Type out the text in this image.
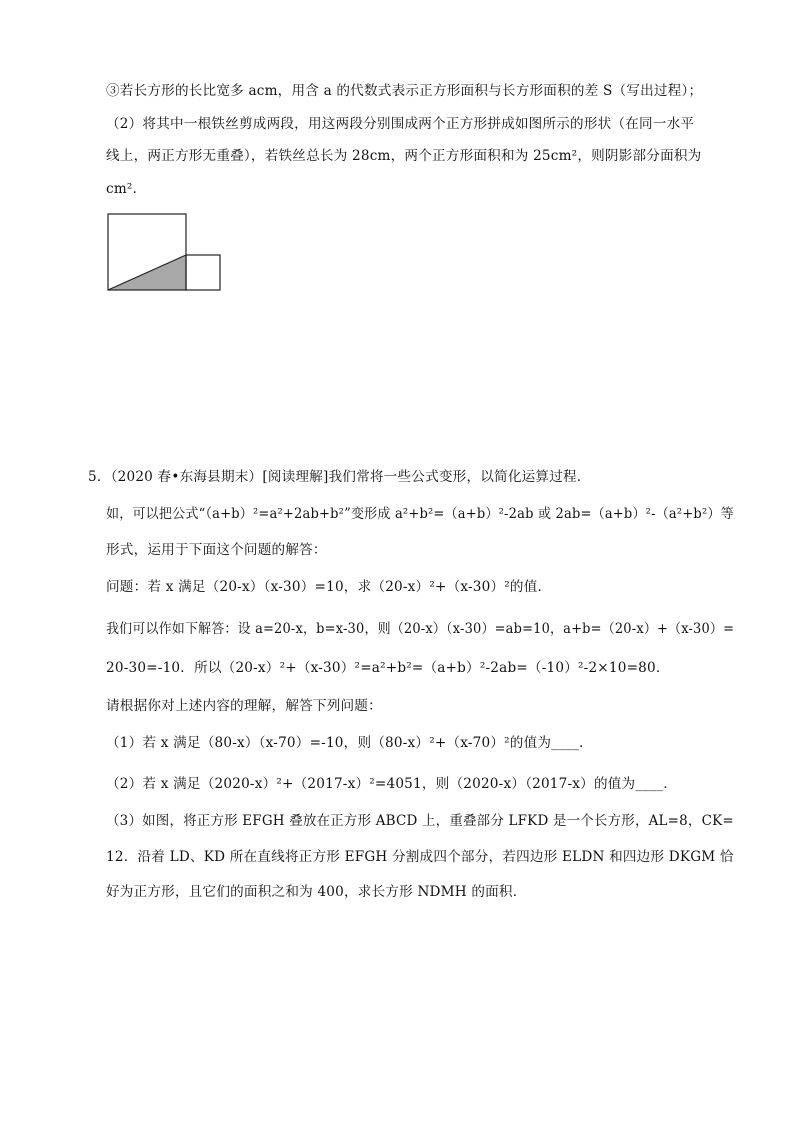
③若长方形的长比宽多 acm，用含 a 的代数式表示正方形面积与长方形面积的差 S（写出过程）；
（2）将其中一根铁丝剪成两段，用这两段分别围成两个正方形拼成如图所示的形状（在同一水平
线上，两正方形无重叠），若铁丝总长为 28cm，两个正方形面积和为 25cm²，则阴影部分面积为
cm².
5．（2020 春•东海县期末）[阅读理解]我们常将一些公式变形，以简化运算过程．
如，可以把公式“（a+b）²=a²+2ab+b²”变形成 a²+b²=（a+b）²-2ab 或 2ab=（a+b）²-（a²+b²）等
形式，运用于下面这个问题的解答：
问题：若 x 满足（20-x）（x-30）=10，求（20-x）²+（x-30）²的值．
我们可以作如下解答：设 a=20-x，b=x-30，则（20-x）（x-30）=ab=10，a+b=（20-x）+（x-30）=
20-30=-10．所以（20-x）²+（x-30）²=a²+b²=（a+b）²-2ab=（-10）²-2×10=80．
请根据你对上述内容的理解，解答下列问题：
（1）若 x 满足（80-x）（x-70）=-10，则（80-x）²+（x-70）²的值为____．
（2）若 x 满足（2020-x）²+（2017-x）²=4051，则（2020-x）（2017-x）的值为____．
（3）如图，将正方形 EFGH 叠放在正方形 ABCD 上，重叠部分 LFKD 是一个长方形，AL=8，CK=
12．沿着 LD、KD 所在直线将正方形 EFGH 分割成四个部分，若四边形 ELDN 和四边形 DKGM 恰
好为正方形，且它们的面积之和为 400，求长方形 NDMH 的面积．
